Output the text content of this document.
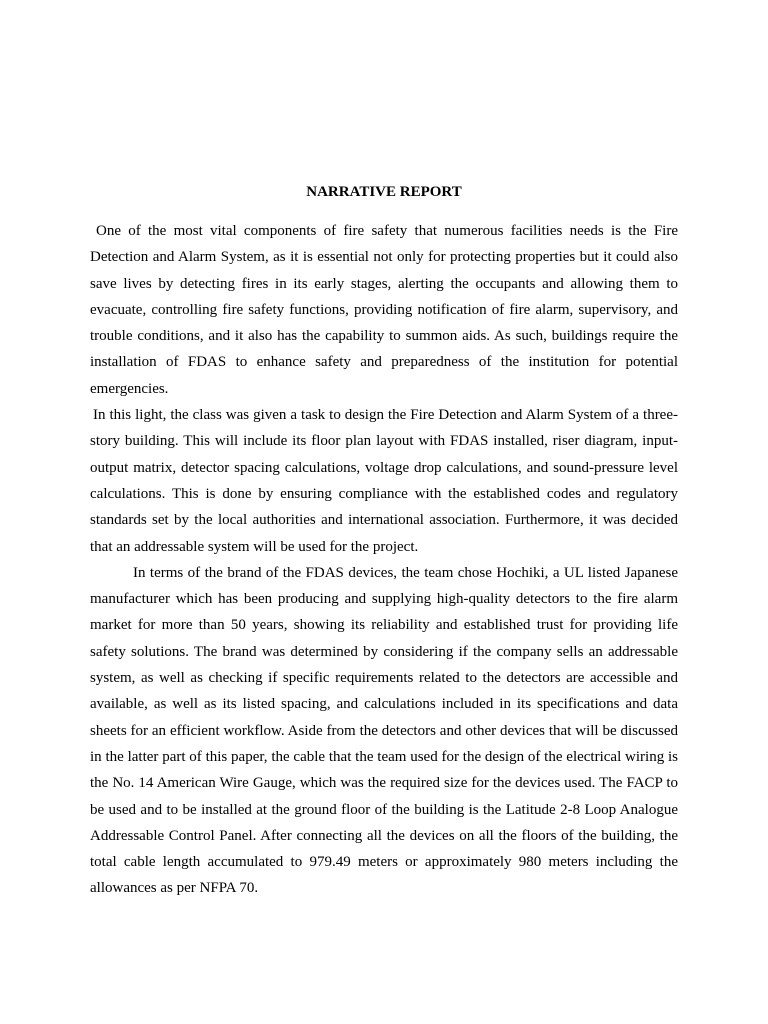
NARRATIVE REPORT

One of the most vital components of fire safety that numerous facilities needs is the Fire Detection and Alarm System, as it is essential not only for protecting properties but it could also save lives by detecting fires in its early stages, alerting the occupants and allowing them to evacuate, controlling fire safety functions, providing notification of fire alarm, supervisory, and trouble conditions, and it also has the capability to summon aids. As such, buildings require the installation of FDAS to enhance safety and preparedness of the institution for potential emergencies.

In this light, the class was given a task to design the Fire Detection and Alarm System of a three-story building. This will include its floor plan layout with FDAS installed, riser diagram, input-output matrix, detector spacing calculations, voltage drop calculations, and sound-pressure level calculations. This is done by ensuring compliance with the established codes and regulatory standards set by the local authorities and international association. Furthermore, it was decided that an addressable system will be used for the project.

In terms of the brand of the FDAS devices, the team chose Hochiki, a UL listed Japanese manufacturer which has been producing and supplying high-quality detectors to the fire alarm market for more than 50 years, showing its reliability and established trust for providing life safety solutions. The brand was determined by considering if the company sells an addressable system, as well as checking if specific requirements related to the detectors are accessible and available, as well as its listed spacing, and calculations included in its specifications and data sheets for an efficient workflow. Aside from the detectors and other devices that will be discussed in the latter part of this paper, the cable that the team used for the design of the electrical wiring is the No. 14 American Wire Gauge, which was the required size for the devices used. The FACP to be used and to be installed at the ground floor of the building is the Latitude 2-8 Loop Analogue Addressable Control Panel. After connecting all the devices on all the floors of the building, the total cable length accumulated to 979.49 meters or approximately 980 meters including the allowances as per NFPA 70.
